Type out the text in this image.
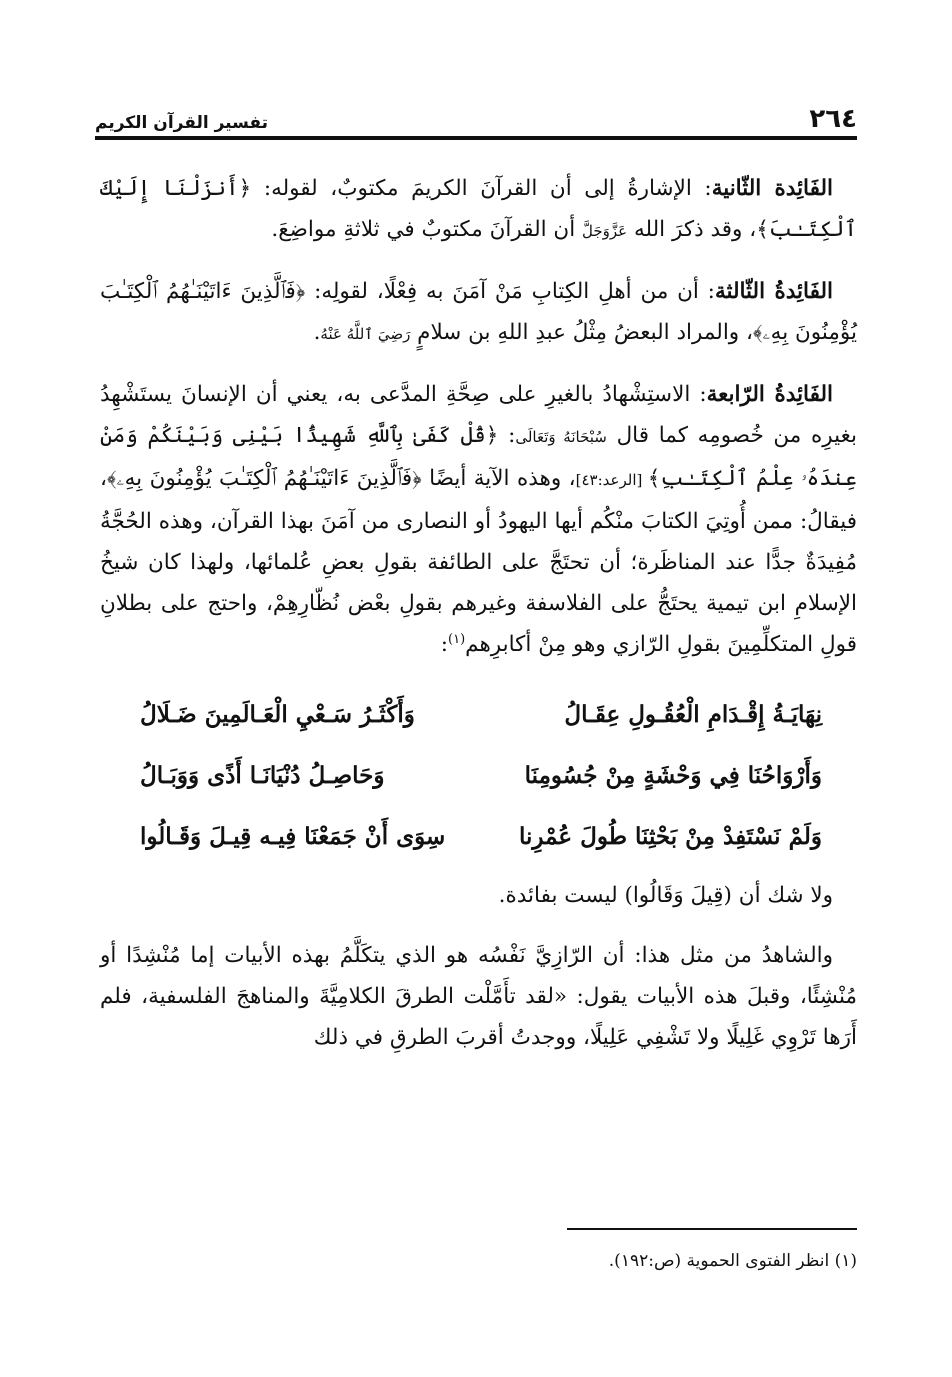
٢٦٤
تفسير القرآن الكريم

الفَائِدة الثّانية: الإشارةُ إلى أن القرآنَ الكريمَ مكتوبٌ، لقوله: ﴿أَنزَلْنَا إِلَيْكَ ٱلْكِتَـٰبَ﴾، وقد ذكرَ الله عَزَّوَجَلَّ أن القرآنَ مكتوبٌ في ثلاثةِ مواضِعَ.

الفَائِدةُ الثّالثة: أن من أهلِ الكِتابِ مَنْ آمَنَ به فِعْلًا، لقولِه: ﴿فَٱلَّذِينَ ءَاتَيْنَـٰهُمُ ٱلْكِتَـٰبَ يُؤْمِنُونَ بِهِۦ﴾، والمراد البعضُ مِثْلُ عبدِ اللهِ بن سلامٍ رَضِيَ ٱللَّهُ عَنْهُ.

الفَائِدةُ الرّابعة: الاستِشْهادُ بالغيرِ على صِحَّةِ المدَّعى به، يعني أن الإنسانَ يستَشْهِدُ بغيرِه من خُصومِه كما قال سُبْحَانَهُ وَتَعَالَى: ﴿قُلْ كَفَىٰ بِٱللَّهِ شَهِيدًۢا بَيْنِى وَبَيْنَكُمْ وَمَنْ عِندَهُۥ عِلْمُ ٱلْكِتَـٰبِ﴾ [الرعد:٤٣]، وهذه الآية أيضًا ﴿فَٱلَّذِينَ ءَاتَيْنَـٰهُمُ ٱلْكِتَـٰبَ يُؤْمِنُونَ بِهِۦ﴾، فيقالُ: ممن أُوتِيَ الكتابَ منْكُم أيها اليهودُ أو النصارى من آمَنَ بهذا القرآن، وهذه الحُجَّةُ مُفِيدَةٌ جدًّا عند المناظَرة؛ أن تحتَجَّ على الطائفة بقولِ بعضِ عُلمائها، ولهذا كان شيخُ الإسلامِ ابن تيمية يحتَجُّ على الفلاسفة وغيرهم بقولِ بعْض نُظّارِهِمْ، واحتج على بطلانِ قولِ المتكلِّمِينَ بقولِ الرّازي وهو مِنْ أكابرِهم$^{(١)}$:

نِهَايَـةُ إِقْـدَامِ الْعُقُـولِ عِقَـالُ
وَأَكْثَـرُ سَـعْيِ الْعَـالَمِينَ ضَـلَالُ
وَأَرْوَاحُنَا فِي وَحْشَةٍ مِنْ جُسُومِنَا
وَحَاصِـلُ دُنْيَانَـا أَذًى وَوَبَـالُ
وَلَمْ نَسْتَفِدْ مِنْ بَحْثِنَا طُولَ عُمْرِنا
سِوَى أَنْ جَمَعْنَا فِيـه قِيـلَ وَقَـالُوا

ولا شك أن (قِيلَ وَقَالُوا) ليست بفائدة.

والشاهدُ من مثل هذا: أن الرّازِيَّ نَفْسُه هو الذي يتكَلَّمُ بهذه الأبيات إما مُنْشِدًا أو مُنْشِئًا، وقبلَ هذه الأبيات يقول: «لقد تأَمَّلْت الطرقَ الكلامِيَّةَ والمناهجَ الفلسفية، فلم أَرَها تَرْوِي غَلِيلًا ولا تَشْفِي عَلِيلًا، ووجدتُ أقربَ الطرقِ في ذلك

(١) انظر الفتوى الحموية (ص:١٩٢).
